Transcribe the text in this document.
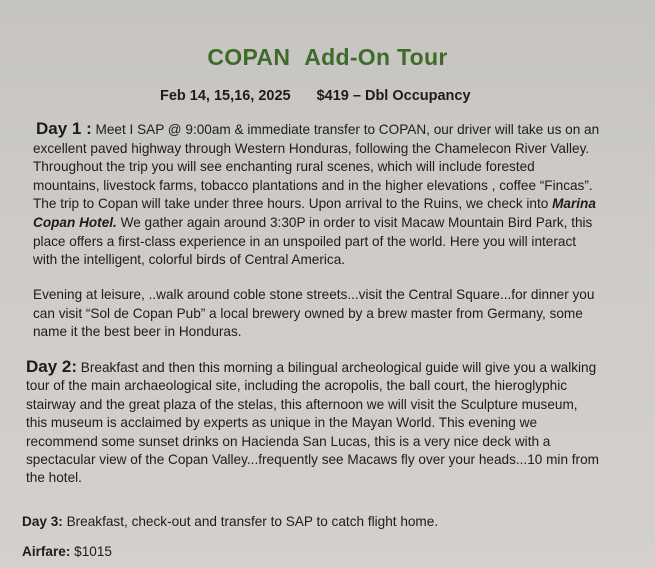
COPAN Add-On Tour
Feb 14, 15,16, 2025 $419 – Dbl Occupancy

Day 1 : Meet I SAP @ 9:00am & immediate transfer to COPAN, our driver will take us on an
excellent paved highway through Western Honduras, following the Chamelecon River Valley.
Throughout the trip you will see enchanting rural scenes, which will include forested
mountains, livestock farms, tobacco plantations and in the higher elevations , coffee “Fincas”.
The trip to Copan will take under three hours. Upon arrival to the Ruins, we check into Marina
Copan Hotel. We gather again around 3:30P in order to visit Macaw Mountain Bird Park, this
place offers a first-class experience in an unspoiled part of the world. Here you will interact
with the intelligent, colorful birds of Central America.

Evening at leisure, ..walk around coble stone streets...visit the Central Square...for dinner you
can visit “Sol de Copan Pub” a local brewery owned by a brew master from Germany, some
name it the best beer in Honduras.

Day 2: Breakfast and then this morning a bilingual archeological guide will give you a walking
tour of the main archaeological site, including the acropolis, the ball court, the hieroglyphic
stairway and the great plaza of the stelas, this afternoon we will visit the Sculpture museum,
this museum is acclaimed by experts as unique in the Mayan World. This evening we
recommend some sunset drinks on Hacienda San Lucas, this is a very nice deck with a
spectacular view of the Copan Valley...frequently see Macaws fly over your heads...10 min from
the hotel.

Day 3: Breakfast, check-out and transfer to SAP to catch flight home.

Airfare: $1015
